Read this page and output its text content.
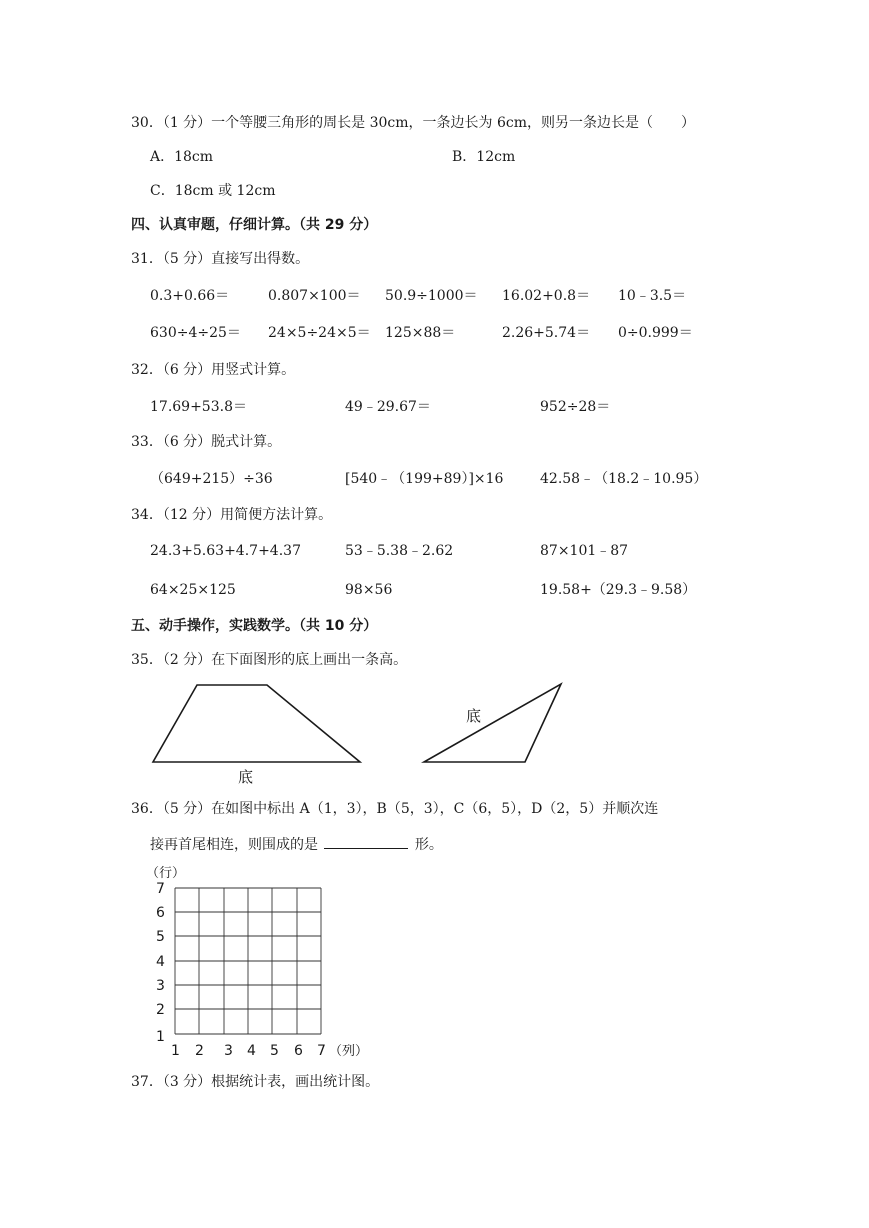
30．（1 分）一个等腰三角形的周长是 30cm，一条边长为 6cm，则另一条边长是（　　）
A．18cm	B．12cm
C．18cm 或 12cm
四、认真审题，仔细计算。（共 29 分）
31．（5 分）直接写出得数。
0.3+0.66＝	0.807×100＝ 50.9÷1000＝ 16.02+0.8＝ 10﹣3.5＝
630÷4÷25＝ 24×5÷24×5＝ 125×88＝	2.26+5.74＝ 0÷0.999＝
32．（6 分）用竖式计算。
17.69+53.8＝	49﹣29.67＝	952÷28＝
33．（6 分）脱式计算。
（649+215）÷36	[540﹣（199+89）]×16	42.58﹣（18.2﹣10.95）
34．（12 分）用简便方法计算。
24.3+5.63+4.7+4.37	53﹣5.38﹣2.62	87×101﹣87
64×25×125	98×56	19.58+（29.3﹣9.58）
五、动手操作，实践数学。（共 10 分）
35．（2 分）在下面图形的底上画出一条高。
底
底
36．（5 分）在如图中标出 A（1，3），B（5，3），C（6，5），D（2，5）并顺次连
接再首尾相连，则围成的是	形。
（行）
7
6
5
4
3
2
1
1 2 3 4 5 6 7 （列）
37．（3 分）根据统计表，画出统计图。
